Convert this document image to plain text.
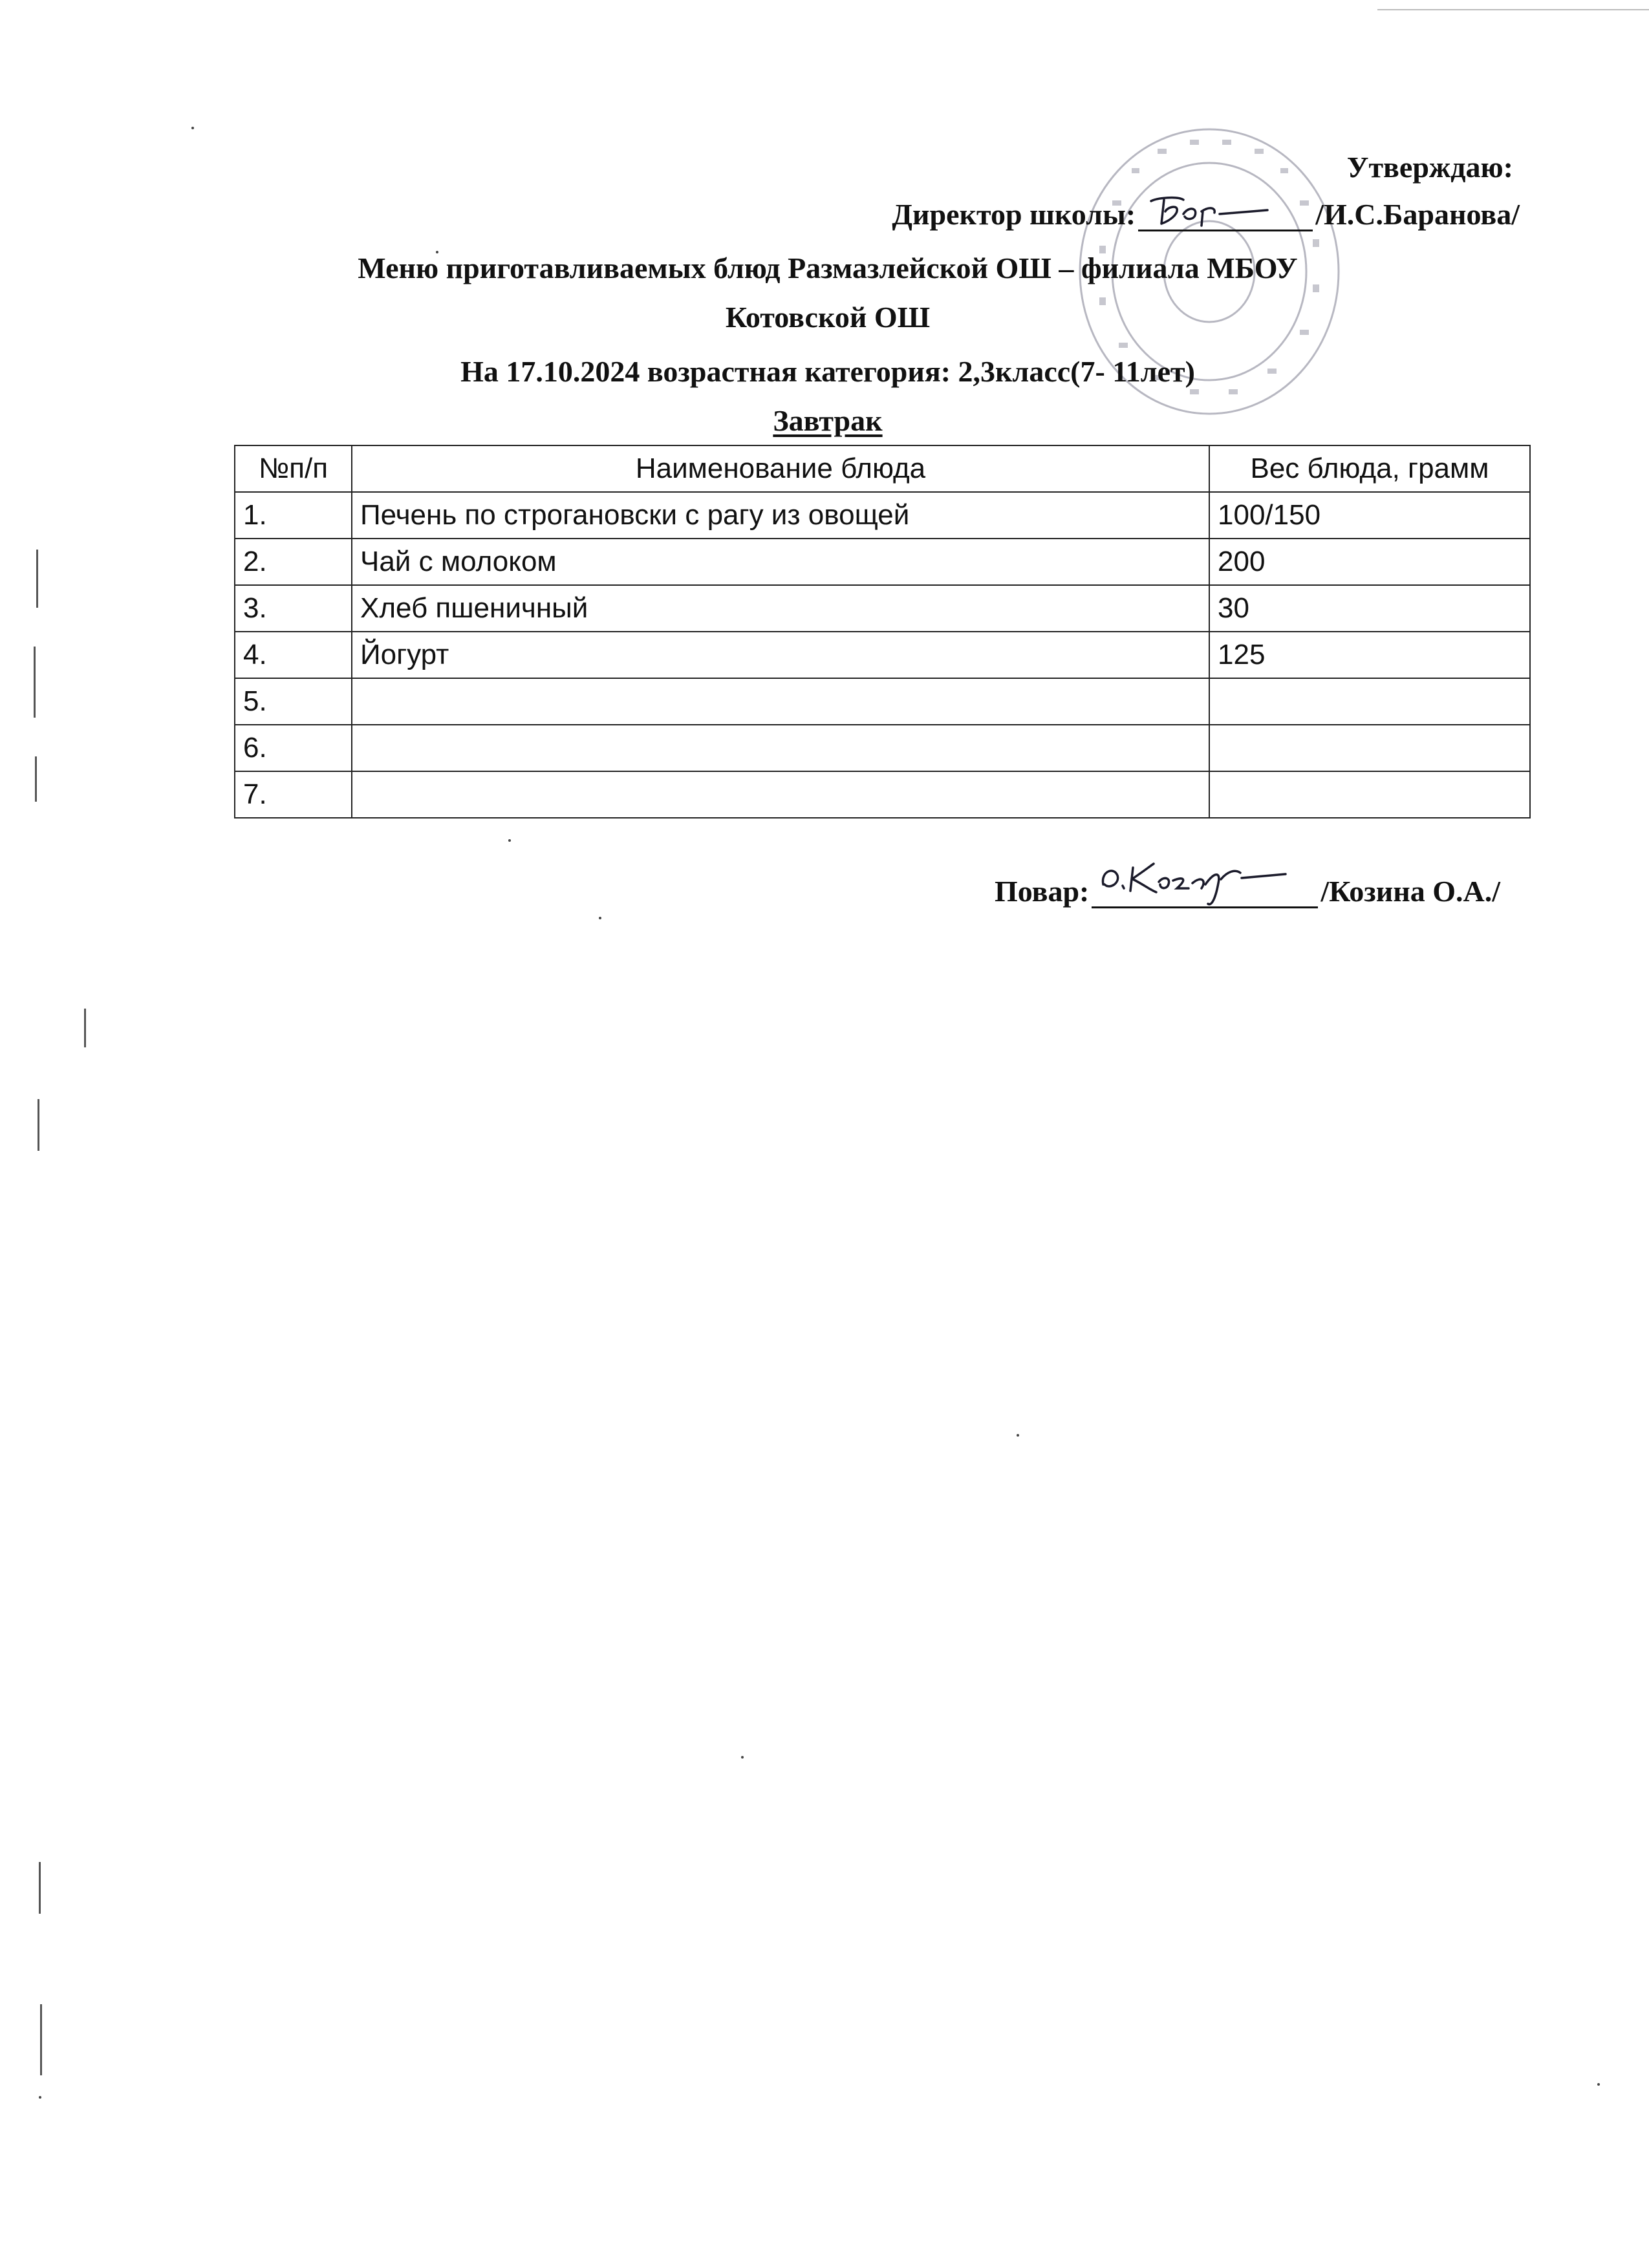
Утверждаю:
Директор школы:	/И.С.Баранова/
Меню приготавливаемых блюд Размазлейской ОШ – филиала МБОУ
Котовской ОШ
На 17.10.2024 возрастная категория: 2,3класс(7- 11лет)
Завтрак
№п/п	Наименование блюда	Вес блюда, грамм
1.	Печень по строгановски с рагу из овощей	100/150
2.	Чай с молоком	200
3.	Хлеб пшеничный	30
4.	Йогурт	125
5.		
6.		
7.		
Повар:	/Козина О.А./
